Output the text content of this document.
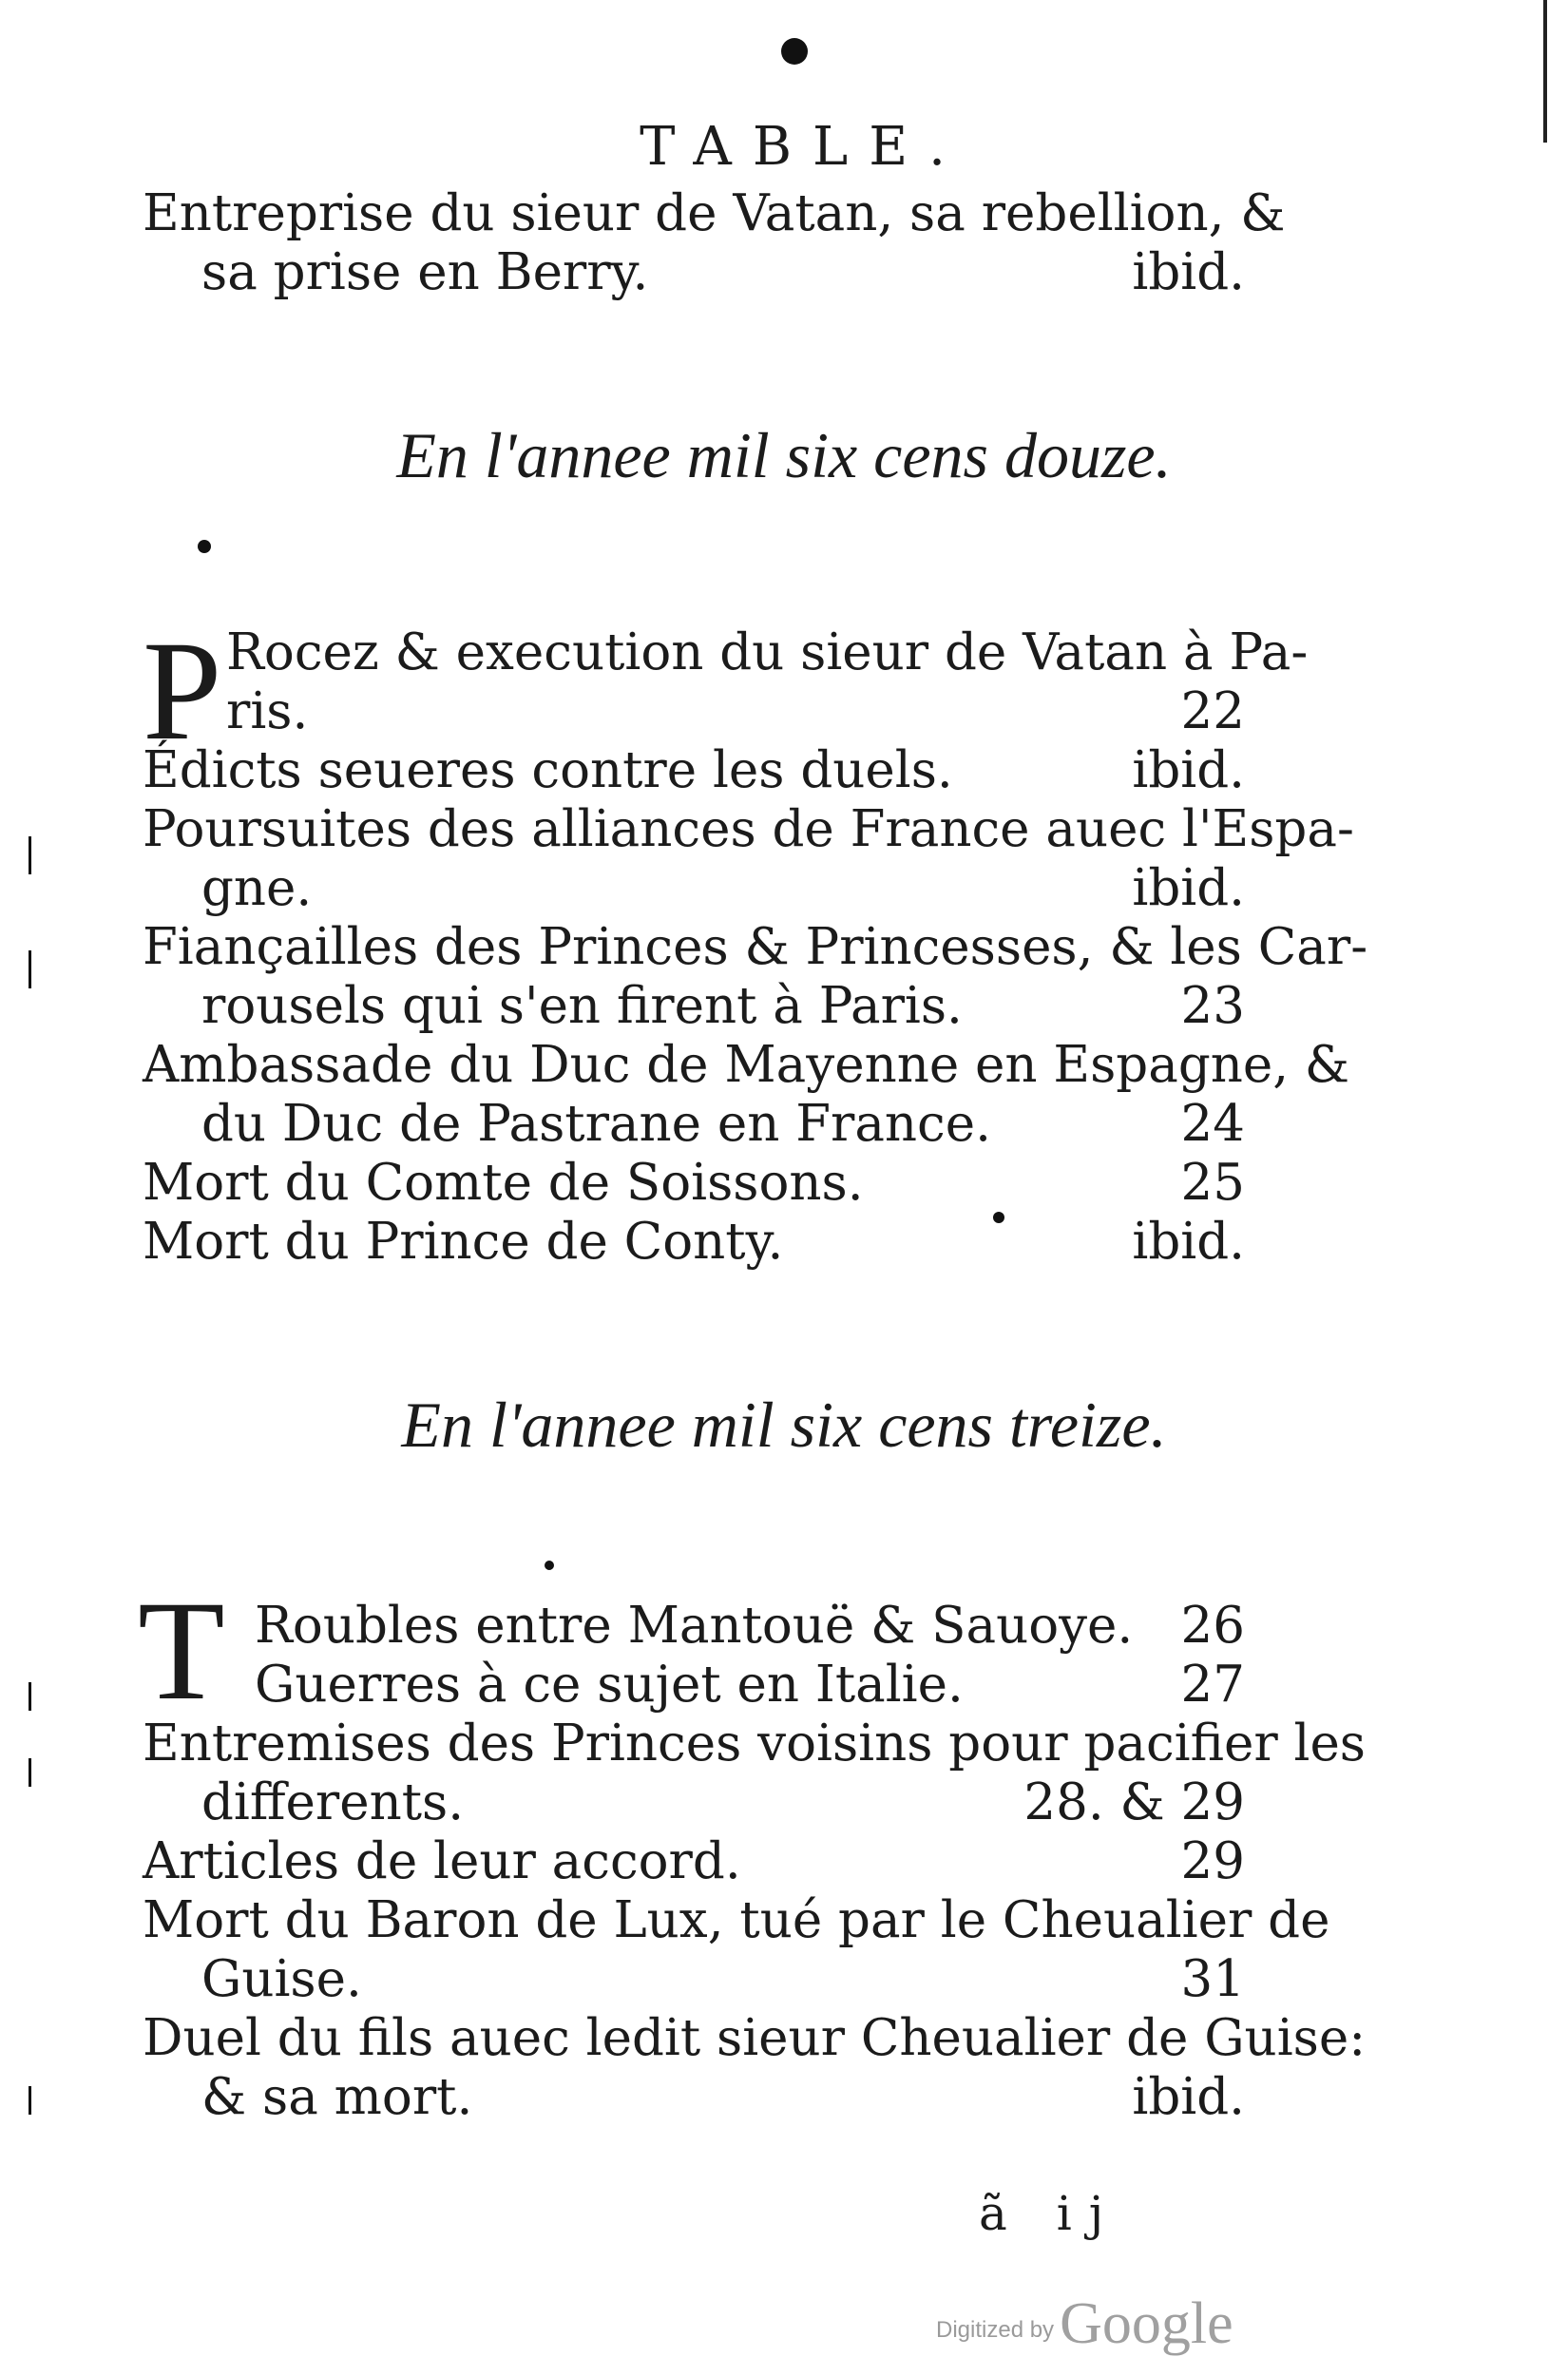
TABLE.
Entreprise du sieur de Vatan, sa rebellion, &
sa prise en Berry.	ibid.
En l'annee mil six cens douze.
P Rocez & execution du sieur de Vatan à Pa-
ris.	22
Édicts seueres contre les duels.	ibid.
Poursuites des alliances de France auec l'Espa-
gne.	ibid.
Fiançailles des Princes & Princesses, & les Car-
rousels qui s'en firent à Paris.	23
Ambassade du Duc de Mayenne en Espagne, &
du Duc de Pastrane en France.	24
Mort du Comte de Soissons.	25
Mort du Prince de Conty.	ibid.
En l'annee mil six cens treize.
T Roubles entre Mantouë & Sauoye. 26
Guerres à ce sujet en Italie.	27
Entremises des Princes voisins pour pacifier les
differents.	28. & 29
Articles de leur accord.	29
Mort du Baron de Lux, tué par le Cheualier de
Guise.	31
Duel du fils auec ledit sieur Cheualier de Guise:
& sa mort.	ibid.
ã ij
Digitized byGoogle
